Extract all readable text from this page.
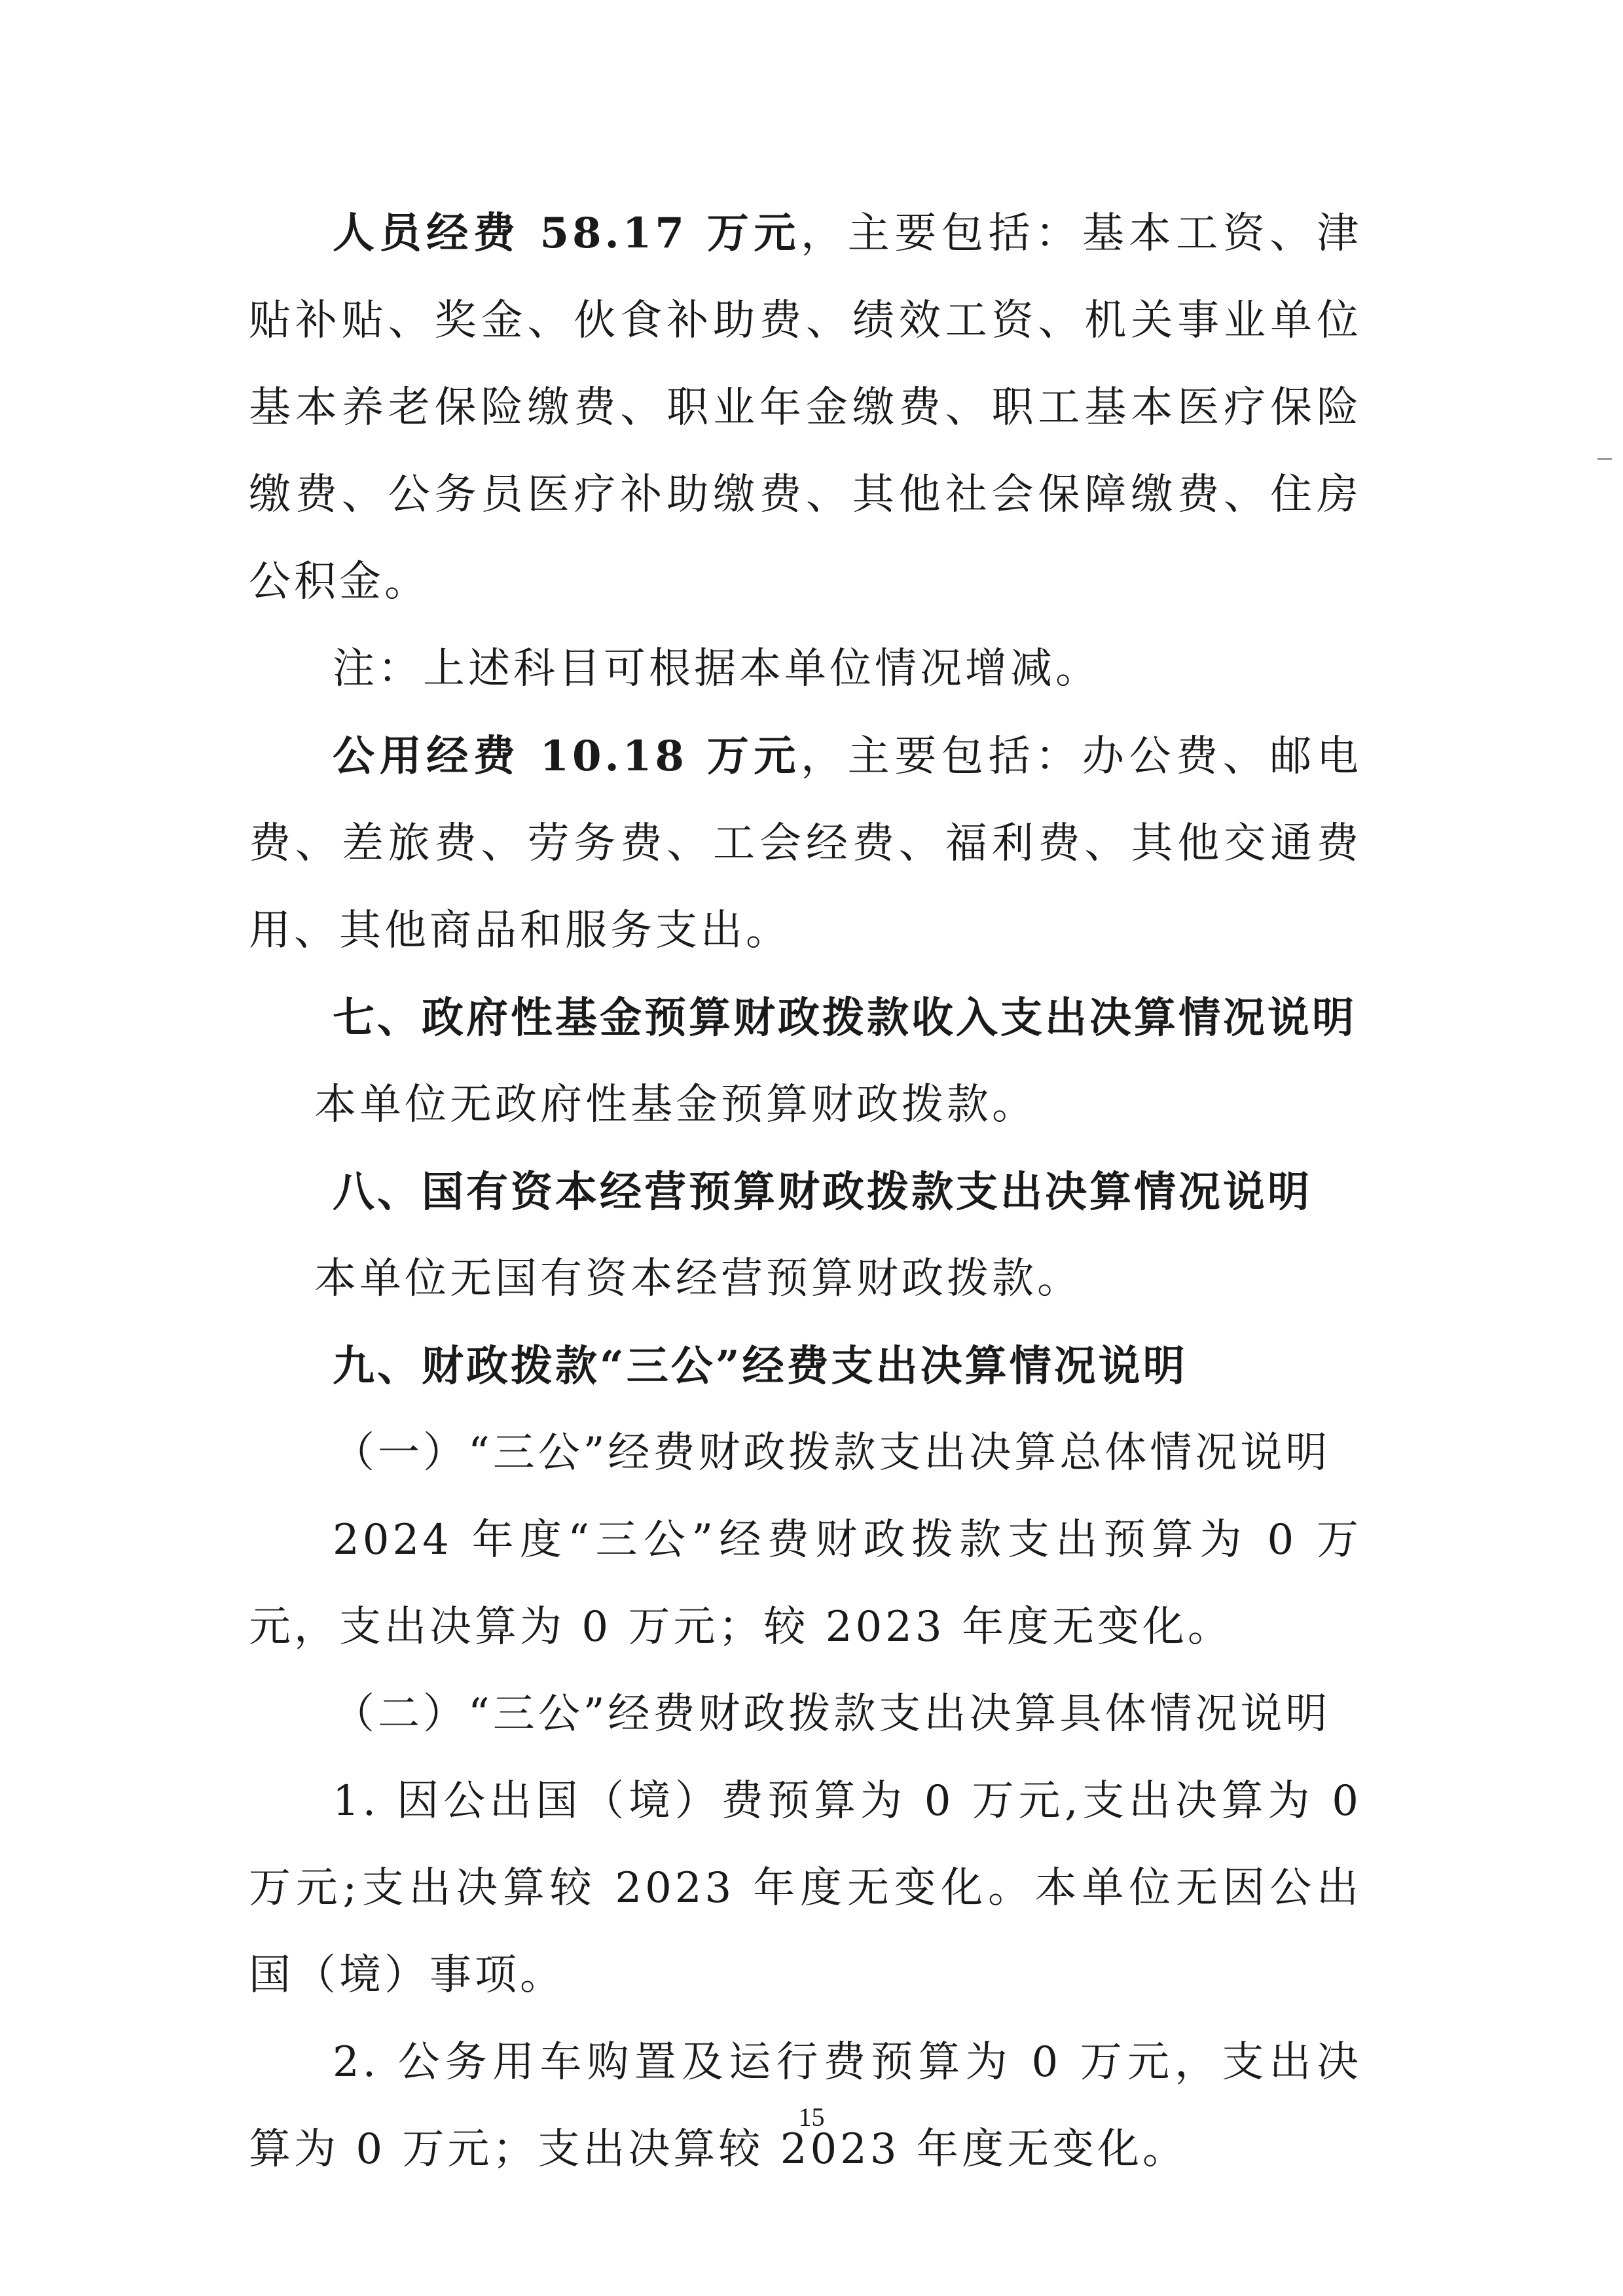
人员经费 58.17 万元，主要包括：基本工资、津贴补贴、奖金、伙食补助费、绩效工资、机关事业单位基本养老保险缴费、职业年金缴费、职工基本医疗保险缴费、公务员医疗补助缴费、其他社会保障缴费、住房公积金。

注：上述科目可根据本单位情况增减。

公用经费 10.18 万元，主要包括：办公费、邮电费、差旅费、劳务费、工会经费、福利费、其他交通费用、其他商品和服务支出。

七、政府性基金预算财政拨款收入支出决算情况说明

本单位无政府性基金预算财政拨款。

八、国有资本经营预算财政拨款支出决算情况说明

本单位无国有资本经营预算财政拨款。

九、财政拨款“三公”经费支出决算情况说明

（一）“三公”经费财政拨款支出决算总体情况说明

2024 年度“三公”经费财政拨款支出预算为 0 万元，支出决算为 0 万元；较 2023 年度无变化。

（二）“三公”经费财政拨款支出决算具体情况说明

1. 因公出国（境）费预算为 0 万元,支出决算为 0 万元;支出决算较 2023 年度无变化。本单位无因公出国（境）事项。

2. 公务用车购置及运行费预算为 0 万元，支出决算为 0 万元；支出决算较 2023 年度无变化。

15
